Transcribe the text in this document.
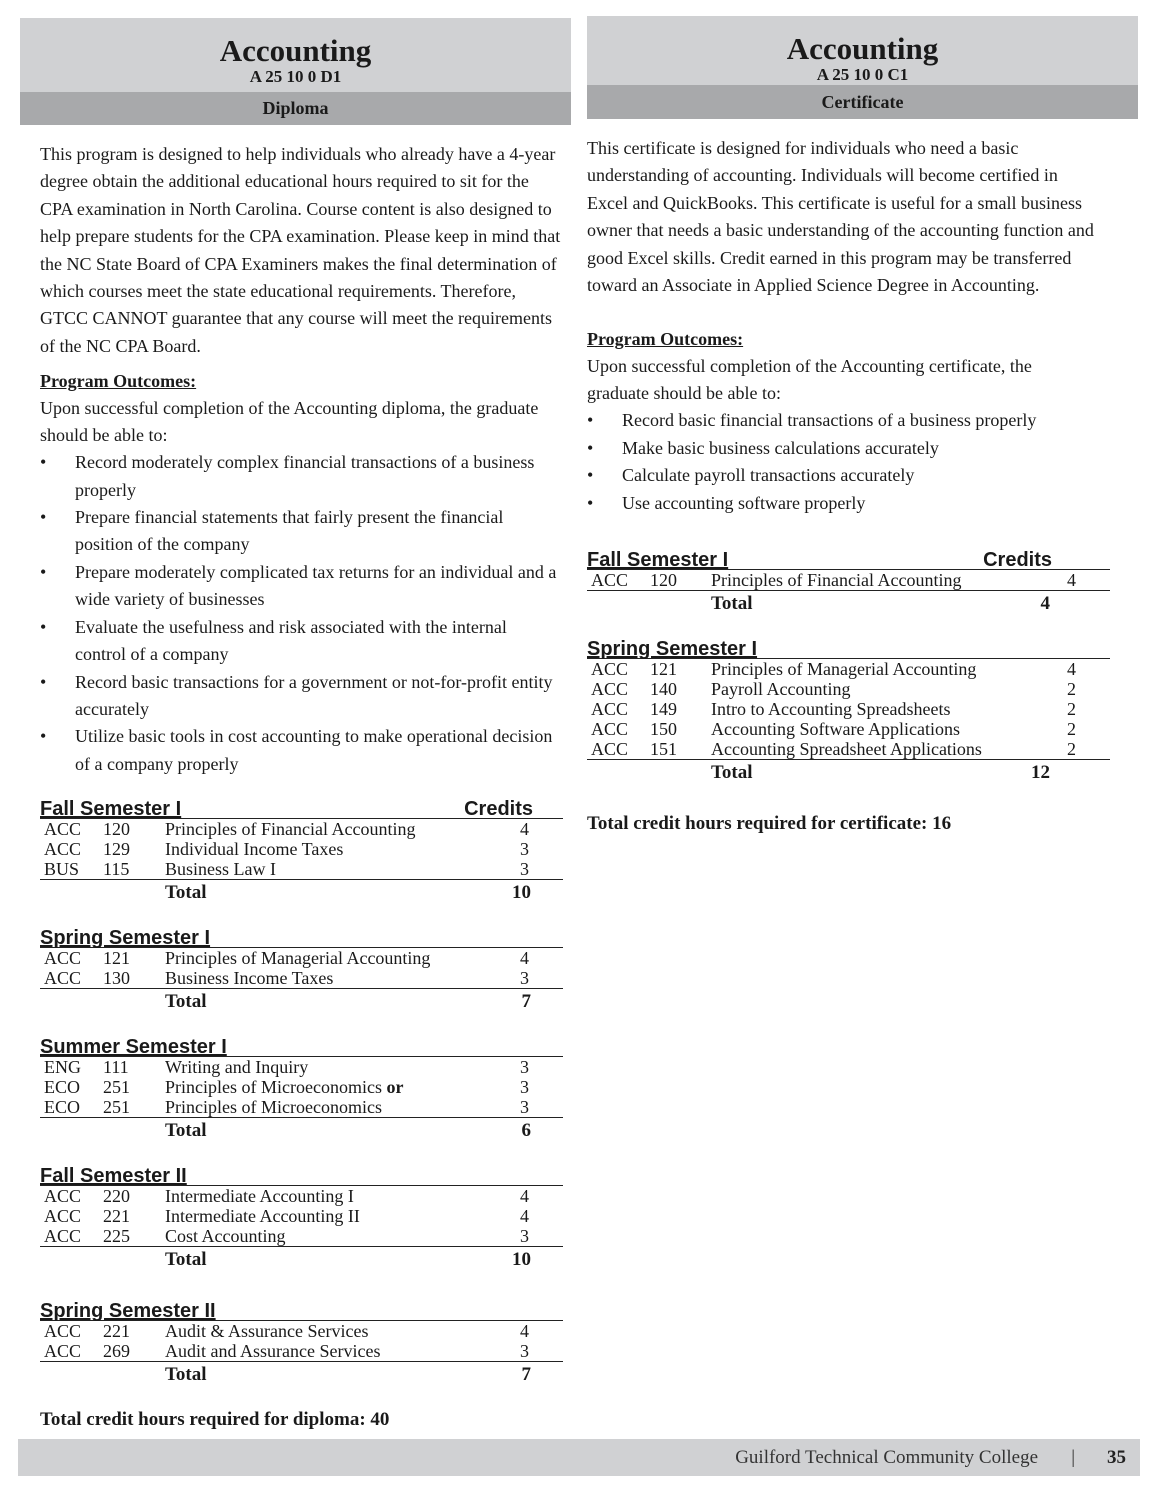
Accounting
A 25 10 0 D1
Diploma

This program is designed to help individuals who already have a 4-year degree obtain the additional educational hours required to sit for the CPA examination in North Carolina. Course content is also designed to help prepare students for the CPA examination. Please keep in mind that the NC State Board of CPA Examiners makes the final determination of which courses meet the state educational requirements. Therefore, GTCC CANNOT guarantee that any course will meet the requirements of the NC CPA Board.

Program Outcomes:

Upon successful completion of the Accounting diploma, the graduate should be able to:

• Record moderately complex financial transactions of a business properly
• Prepare financial statements that fairly present the financial position of the company
• Prepare moderately complicated tax returns for an individual and a wide variety of businesses
• Evaluate the usefulness and risk associated with the internal control of a company
• Record basic transactions for a government or not-for-profit entity accurately
• Utilize basic tools in cost accounting to make operational decision of a company properly
Fall Semester I	Credits
ACC 120 Principles of Financial Accounting	4
ACC 129 Individual Income Taxes	3
BUS 115 Business Law I	3
Total	10
Spring Semester I
ACC 121 Principles of Managerial Accounting	4
ACC 130 Business Income Taxes	3
Total	7
Summer Semester I
ENG 111 Writing and Inquiry	3
ECO 251 Principles of Microeconomics or	3
ECO 251 Principles of Microeconomics	3
Total	6
Fall Semester II
ACC 220 Intermediate Accounting I	4
ACC 221 Intermediate Accounting II	4
ACC 225 Cost Accounting	3
Total	10
Spring Semester II
ACC 221 Audit & Assurance Services	4
ACC 269 Audit and Assurance Services	3
Total	7
Total credit hours required for diploma: 40
Accounting
A 25 10 0 C1
Certificate

This certificate is designed for individuals who need a basic understanding of accounting. Individuals will become certified in Excel and QuickBooks. This certificate is useful for a small business owner that needs a basic understanding of the accounting function and good Excel skills. Credit earned in this program may be transferred toward an Associate in Applied Science Degree in Accounting.

Program Outcomes:

Upon successful completion of the Accounting certificate, the graduate should be able to:

• Record basic financial transactions of a business properly
• Make basic business calculations accurately
• Calculate payroll transactions accurately
• Use accounting software properly
Fall Semester I	Credits
ACC 120 Principles of Financial Accounting	4
Total	4
Spring Semester I
ACC 121 Principles of Managerial Accounting	4
ACC 140 Payroll Accounting	2
ACC 149 Intro to Accounting Spreadsheets	2
ACC 150 Accounting Software Applications	2
ACC 151 Accounting Spreadsheet Applications	2
Total	12
Total credit hours required for certificate: 16
Guilford Technical Community College | 35
